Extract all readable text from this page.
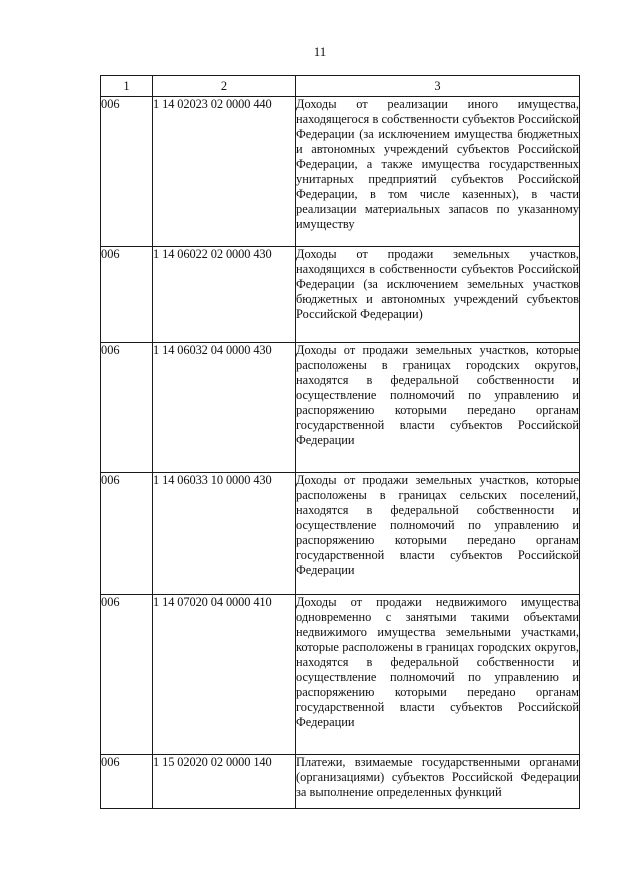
11
1	2	3
006	1 14 02023 02 0000 440	Доходы от реализации иного имущества, находящегося в собственности субъектов Российской Федерации (за исключением имущества бюджетных и автономных учреждений субъектов Российской Федерации, а также имущества государственных унитарных предприятий субъектов Российской Федерации, в том числе казенных), в части реализации материальных запасов по указанному имуществу
006	1 14 06022 02 0000 430	Доходы от продажи земельных участков, находящихся в собственности субъектов Российской Федерации (за исключением земельных участков бюджетных и автономных учреждений субъектов Российской Федерации)
006	1 14 06032 04 0000 430	Доходы от продажи земельных участков, которые расположены в границах городских округов, находятся в федеральной собственности и осуществление полномочий по управлению и распоряжению которыми передано органам государственной власти субъектов Российской Федерации
006	1 14 06033 10 0000 430	Доходы от продажи земельных участков, которые расположены в границах сельских поселений, находятся в федеральной собственности и осуществление полномочий по управлению и распоряжению которыми передано органам государственной власти субъектов Российской Федерации
006	1 14 07020 04 0000 410	Доходы от продажи недвижимого имущества одновременно с занятыми такими объектами недвижимого имущества земельными участками, которые расположены в границах городских округов, находятся в федеральной собственности и осуществление полномочий по управлению и распоряжению которыми передано органам государственной власти субъектов Российской Федерации
006	1 15 02020 02 0000 140	Платежи, взимаемые государственными органами (организациями) субъектов Российской Федерации за выполнение определенных функций
